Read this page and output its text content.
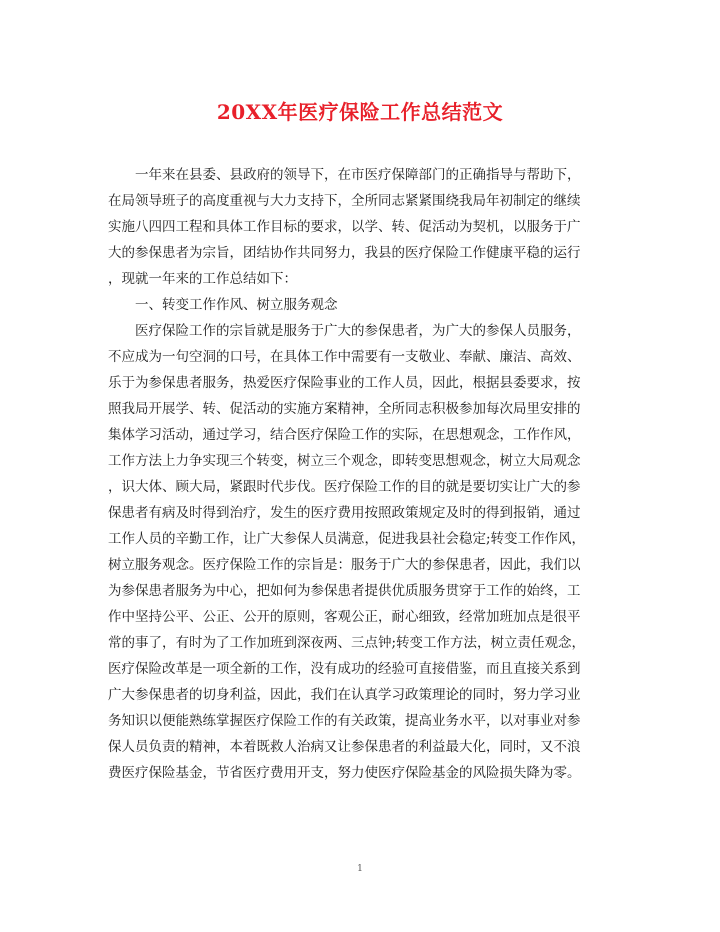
20XX年医疗保险工作总结范文
一年来在县委、县政府的领导下，在市医疗保障部门的正确指导与帮助下，
在局领导班子的高度重视与大力支持下，全所同志紧紧围绕我局年初制定的继续
实施八四四工程和具体工作目标的要求，以学、转、促活动为契机，以服务于广
大的参保患者为宗旨，团结协作共同努力，我县的医疗保险工作健康平稳的运行
，现就一年来的工作总结如下：
一、转变工作作风、树立服务观念
医疗保险工作的宗旨就是服务于广大的参保患者，为广大的参保人员服务，
不应成为一句空洞的口号，在具体工作中需要有一支敬业、奉献、廉洁、高效、
乐于为参保患者服务，热爱医疗保险事业的工作人员，因此，根据县委要求，按
照我局开展学、转、促活动的实施方案精神，全所同志积极参加每次局里安排的
集体学习活动，通过学习，结合医疗保险工作的实际，在思想观念，工作作风，
工作方法上力争实现三个转变，树立三个观念，即转变思想观念，树立大局观念
，识大体、顾大局，紧跟时代步伐。医疗保险工作的目的就是要切实让广大的参
保患者有病及时得到治疗，发生的医疗费用按照政策规定及时的得到报销，通过
工作人员的辛勤工作，让广大参保人员满意，促进我县社会稳定;转变工作作风，
树立服务观念。医疗保险工作的宗旨是：服务于广大的参保患者，因此，我们以
为参保患者服务为中心，把如何为参保患者提供优质服务贯穿于工作的始终，工
作中坚持公平、公正、公开的原则，客观公正，耐心细致，经常加班加点是很平
常的事了，有时为了工作加班到深夜两、三点钟;转变工作方法，树立责任观念，
医疗保险改革是一项全新的工作，没有成功的经验可直接借鉴，而且直接关系到
广大参保患者的切身利益，因此，我们在认真学习政策理论的同时，努力学习业
务知识以便能熟练掌握医疗保险工作的有关政策，提高业务水平，以对事业对参
保人员负责的精神，本着既救人治病又让参保患者的利益最大化，同时，又不浪
费医疗保险基金，节省医疗费用开支，努力使医疗保险基金的风险损失降为零。
1
